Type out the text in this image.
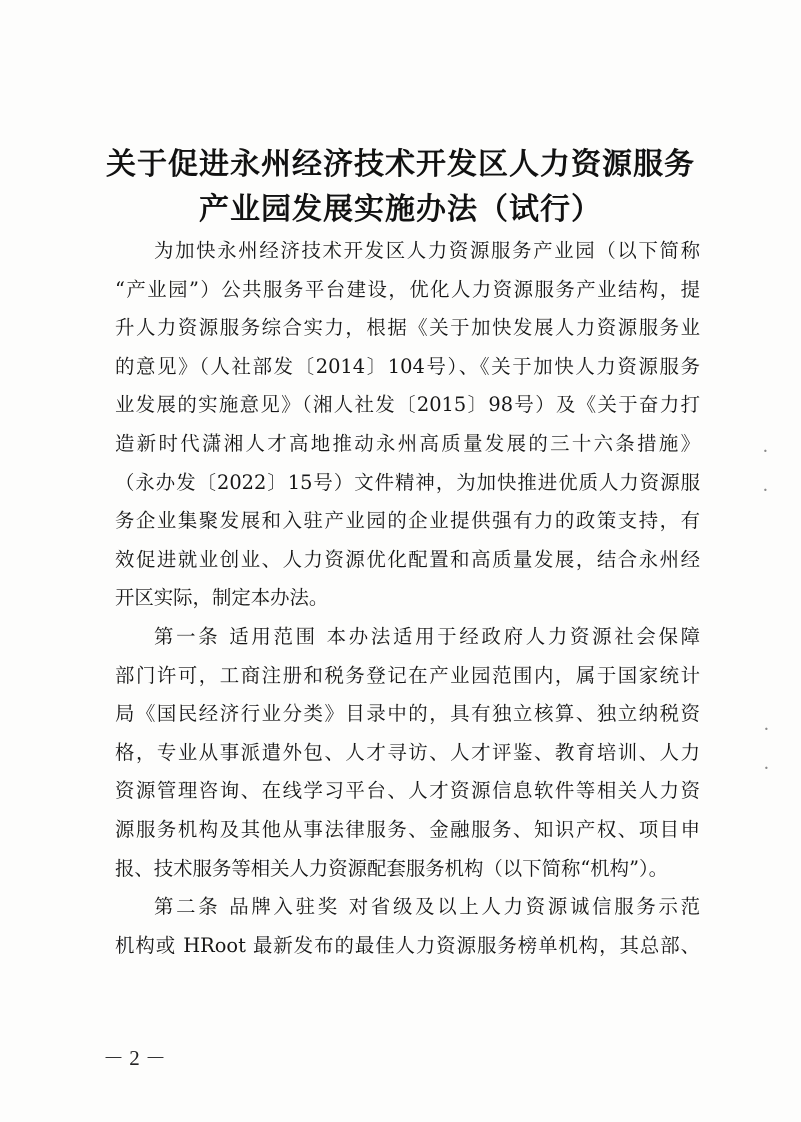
关于促进永州经济技术开发区人力资源服务
产业园发展实施办法（试行）
为加快永州经济技术开发区人力资源服务产业园（以下简称
“产业园”）公共服务平台建设，优化人力资源服务产业结构，提
升人力资源服务综合实力，根据《关于加快发展人力资源服务业
的意见》（人社部发〔2014〕104号）、《关于加快人力资源服务
业发展的实施意见》（湘人社发〔2015〕98号）及《关于奋力打
造新时代潇湘人才高地推动永州高质量发展的三十六条措施》
（永办发〔2022〕15号）文件精神，为加快推进优质人力资源服
务企业集聚发展和入驻产业园的企业提供强有力的政策支持，有
效促进就业创业、人力资源优化配置和高质量发展，结合永州经
开区实际，制定本办法。
第一条 适用范围 本办法适用于经政府人力资源社会保障
部门许可，工商注册和税务登记在产业园范围内，属于国家统计
局《国民经济行业分类》目录中的，具有独立核算、独立纳税资
格，专业从事派遣外包、人才寻访、人才评鉴、教育培训、人力
资源管理咨询、在线学习平台、人才资源信息软件等相关人力资
源服务机构及其他从事法律服务、金融服务、知识产权、项目申
报、技术服务等相关人力资源配套服务机构（以下简称“机构”）。
第二条 品牌入驻奖 对省级及以上人力资源诚信服务示范
机构或 HRoot 最新发布的最佳人力资源服务榜单机构，其总部、
－ 2 －
•
•
•
•
